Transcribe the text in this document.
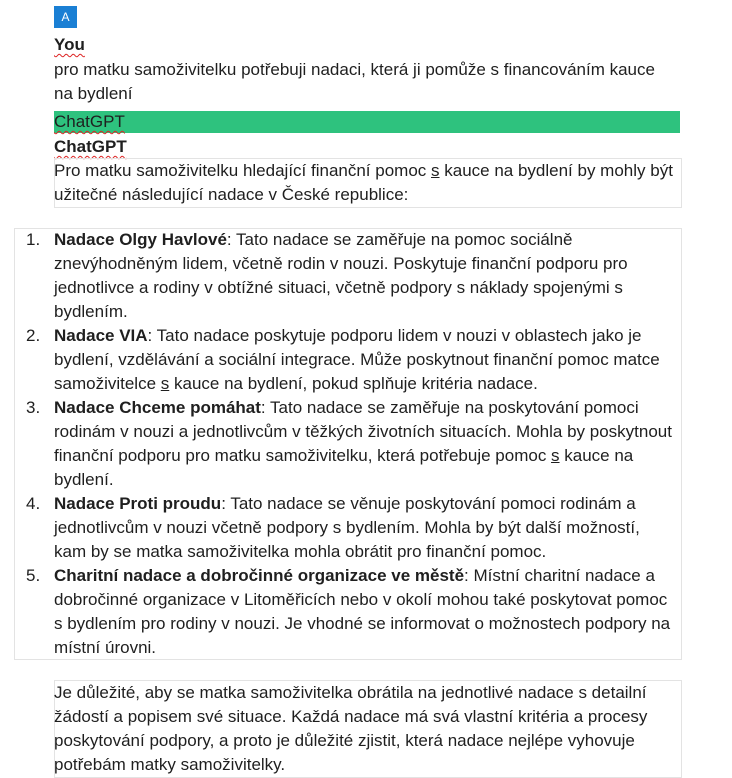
A
You
pro matku samoživitelku potřebuji nadaci, která ji pomůže s financováním kauce na bydlení
ChatGPT
ChatGPT
Pro matku samoživitelku hledající finanční pomoc s kauce na bydlení by mohly být užitečné následující nadace v České republice:
1. Nadace Olgy Havlové: Tato nadace se zaměřuje na pomoc sociálně znevýhodněným lidem, včetně rodin v nouzi. Poskytuje finanční podporu pro jednotlivce a rodiny v obtížné situaci, včetně podpory s náklady spojenými s bydlením.
2. Nadace VIA: Tato nadace poskytuje podporu lidem v nouzi v oblastech jako je bydlení, vzdělávání a sociální integrace. Může poskytnout finanční pomoc matce samoživitelce s kauce na bydlení, pokud splňuje kritéria nadace.
3. Nadace Chceme pomáhat: Tato nadace se zaměřuje na poskytování pomoci rodinám v nouzi a jednotlivcům v těžkých životních situacích. Mohla by poskytnout finanční podporu pro matku samoživitelku, která potřebuje pomoc s kauce na bydlení.
4. Nadace Proti proudu: Tato nadace se věnuje poskytování pomoci rodinám a jednotlivcům v nouzi včetně podpory s bydlením. Mohla by být další možností, kam by se matka samoživitelka mohla obrátit pro finanční pomoc.
5. Charitní nadace a dobročinné organizace ve městě: Místní charitní nadace a dobročinné organizace v Litoměřicích nebo v okolí mohou také poskytovat pomoc s bydlením pro rodiny v nouzi. Je vhodné se informovat o možnostech podpory na místní úrovni.
Je důležité, aby se matka samoživitelka obrátila na jednotlivé nadace s detailní žádostí a popisem své situace. Každá nadace má svá vlastní kritéria a procesy poskytování podpory, a proto je důležité zjistit, která nadace nejlépe vyhovuje potřebám matky samoživitelky.
